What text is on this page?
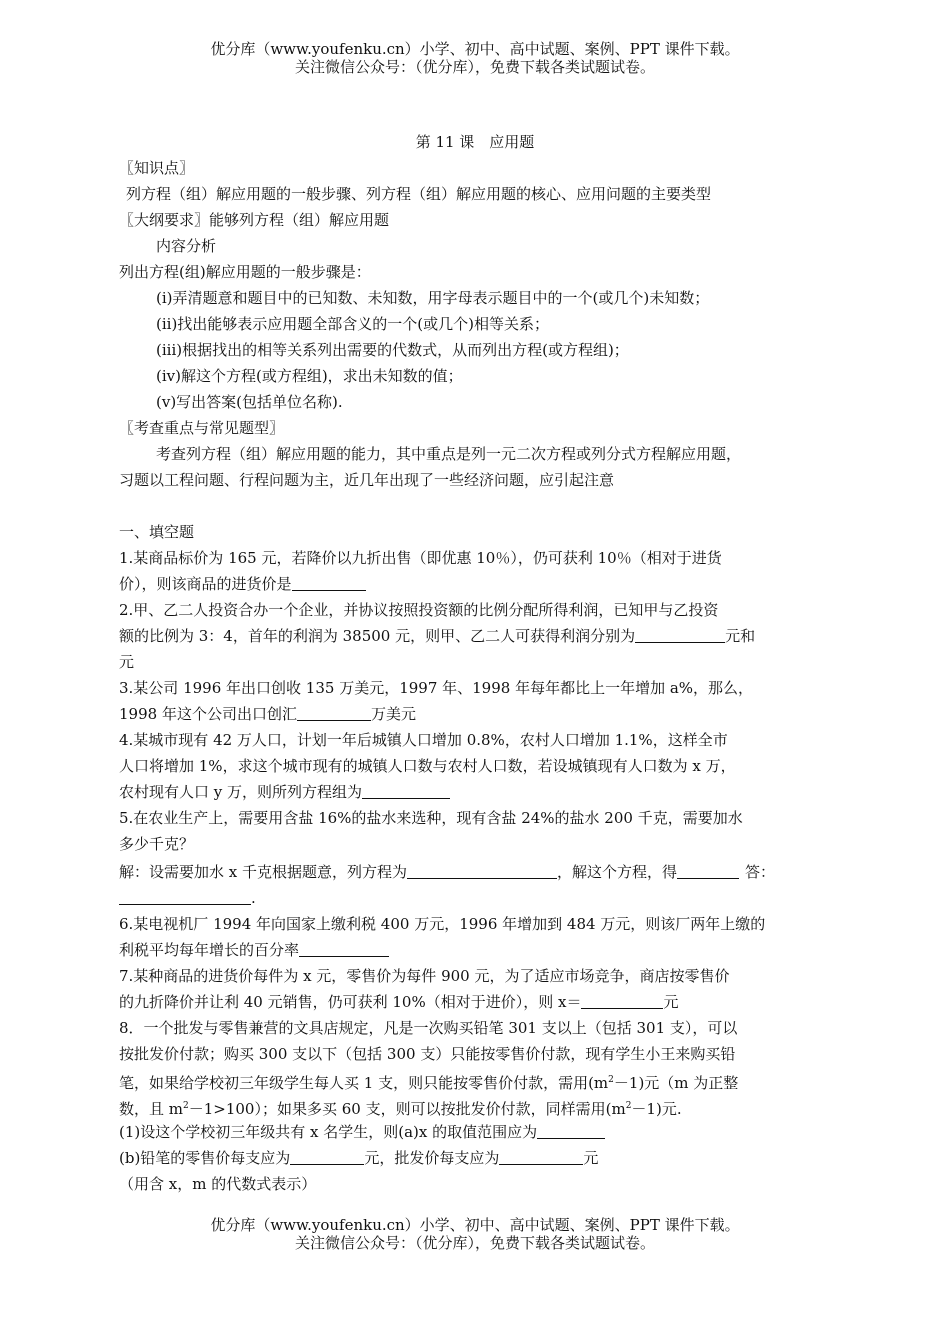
优分库（www.youfenku.cn）小学、初中、高中试题、案例、PPT 课件下载。
关注微信公众号：（优分库），免费下载各类试题试卷。
第 11 课　应用题
〖知识点〗
列方程（组）解应用题的一般步骤、列方程（组）解应用题的核心、应用问题的主要类型
〖大纲要求〗能够列方程（组）解应用题
内容分析
列出方程(组)解应用题的一般步骤是：
(i)弄清题意和题目中的已知数、未知数，用字母表示题目中的一个(或几个)未知数；
(ii)找出能够表示应用题全部含义的一个(或几个)相等关系；
(iii)根据找出的相等关系列出需要的代数式，从而列出方程(或方程组)；
(iv)解这个方程(或方程组)，求出未知数的值；
(v)写出答案(包括单位名称).
〖考查重点与常见题型〗
考查列方程（组）解应用题的能力，其中重点是列一元二次方程或列分式方程解应用题，
习题以工程问题、行程问题为主，近几年出现了一些经济问题，应引起注意
一、填空题
1.某商品标价为 165 元，若降价以九折出售（即优惠 10％），仍可获利 10％（相对于进货
价），则该商品的进货价是
2.甲、乙二人投资合办一个企业，并协议按照投资额的比例分配所得利润，已知甲与乙投资
额的比例为 3：4，首年的利润为 38500 元，则甲、乙二人可获得利润分别为	元和
元
3.某公司 1996 年出口创收 135 万美元，1997 年、1998 年每年都比上一年增加 a%，那么，
1998 年这个公司出口创汇	万美元
4.某城市现有 42 万人口，计划一年后城镇人口增加 0.8%，农村人口增加 1.1%，这样全市
人口将增加 1%，求这个城市现有的城镇人口数与农村人口数，若设城镇现有人口数为 x 万，
农村现有人口 y 万，则所列方程组为
5.在农业生产上，需要用含盐 16%的盐水来选种，现有含盐 24%的盐水 200 千克，需要加水
多少千克？
解：设需要加水 x 千克根据题意，列方程为	，解这个方程，得	答：
.
6.某电视机厂 1994 年向国家上缴利税 400 万元，1996 年增加到 484 万元，则该厂两年上缴的
利税平均每年增长的百分率
7.某种商品的进货价每件为 x 元，零售价为每件 900 元，为了适应市场竞争，商店按零售价
的九折降价并让利 40 元销售，仍可获利 10%（相对于进价），则 x＝	元
8．一个批发与零售兼营的文具店规定，凡是一次购买铅笔 301 支以上（包括 301 支），可以
按批发价付款；购买 300 支以下（包括 300 支）只能按零售价付款，现有学生小王来购买铅
笔，如果给学校初三年级学生每人买 1 支，则只能按零售价付款，需用$(m^2-1)$元（m 为正整
数，且 $m^2-1>100$）；如果多买 60 支，则可以按批发价付款，同样需用$(m^2-1)$元.
(1)设这个学校初三年级共有 x 名学生，则(a)x 的取值范围应为
(b)铅笔的零售价每支应为	元，批发价每支应为	元
（用含 x，m 的代数式表示）
优分库（www.youfenku.cn）小学、初中、高中试题、案例、PPT 课件下载。
关注微信公众号：（优分库），免费下载各类试题试卷。
